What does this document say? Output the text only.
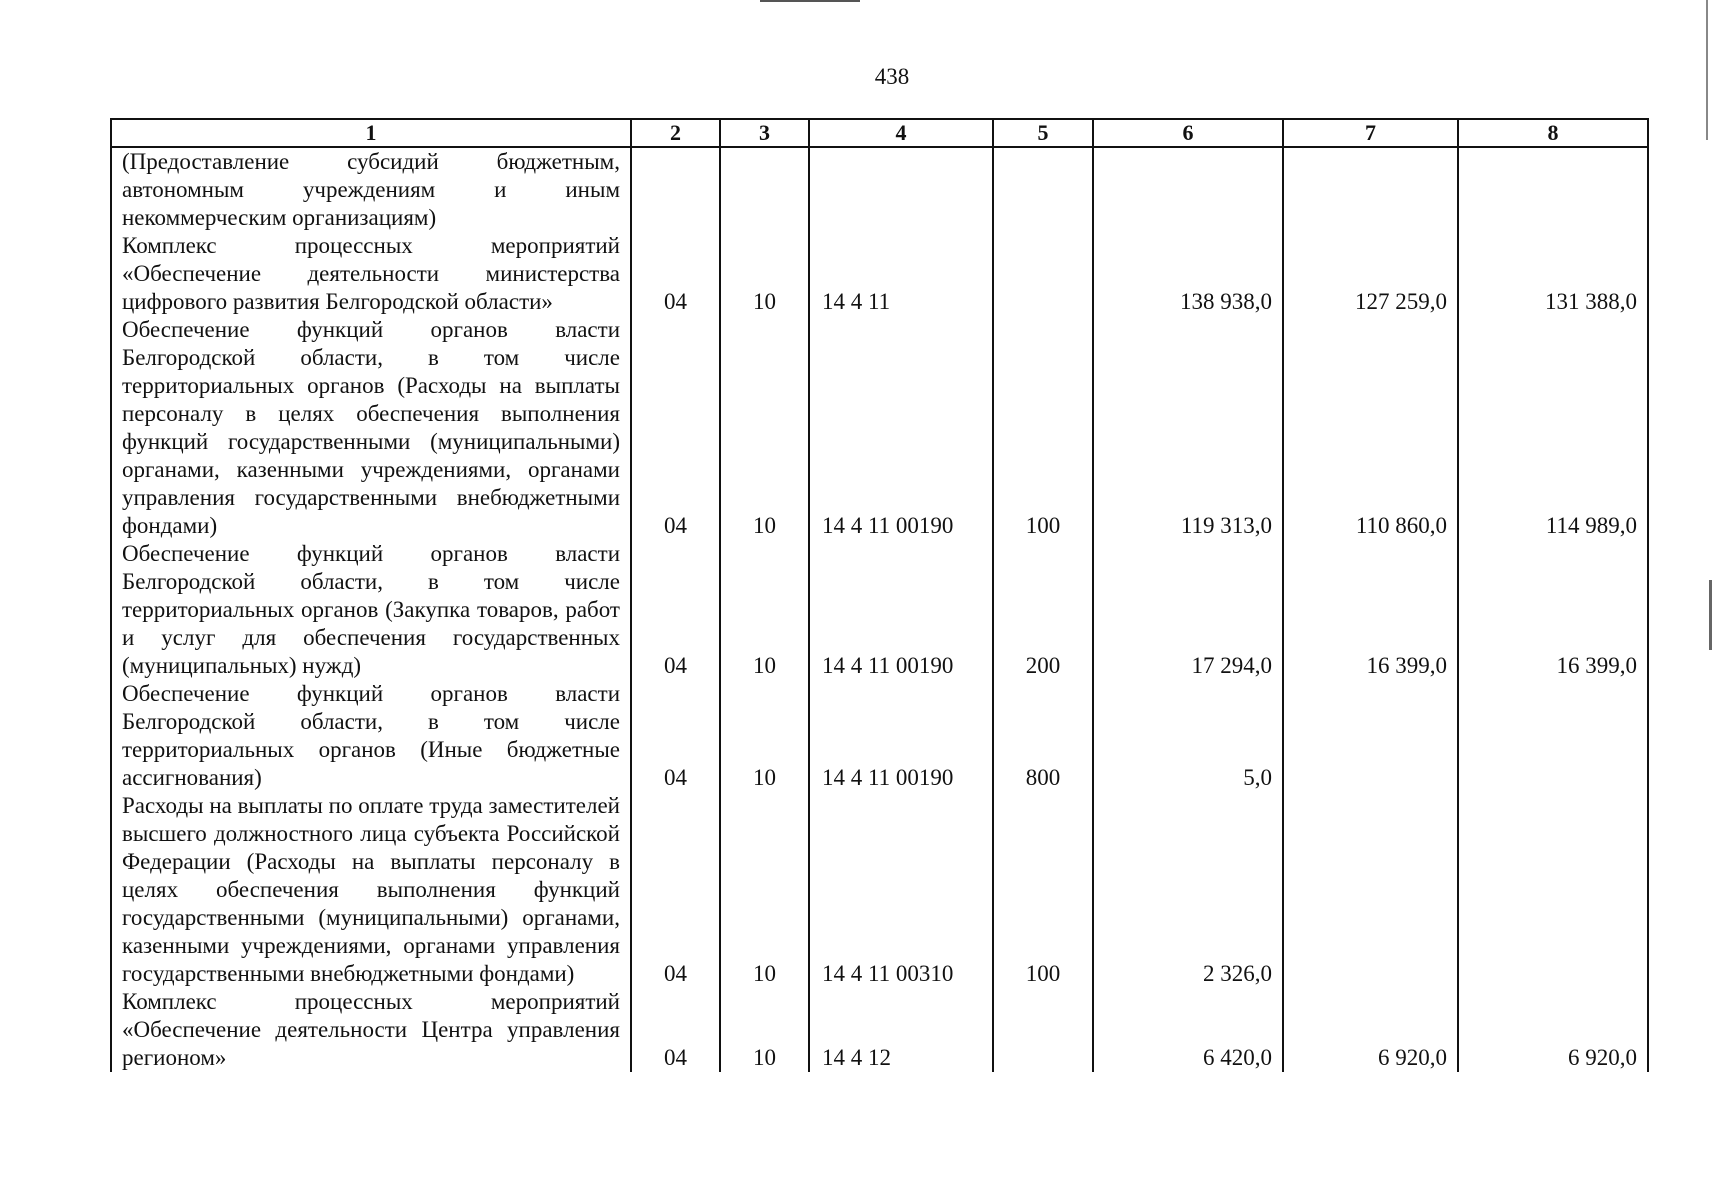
438
1	2	3	4	5	6	7	8
(Предоставление субсидий бюджетным, автономным учреждениям и иным некоммерческим организациям)							
Комплекс процессных мероприятий «Обеспечение деятельности министерства цифрового развития Белгородской области»	04	10	14 4 11		138 938,0	127 259,0	131 388,0
Обеспечение функций органов власти Белгородской области, в том числе территориальных органов (Расходы на выплаты персоналу в целях обеспечения выполнения функций государственными (муниципальными) органами, казенными учреждениями, органами управления государственными внебюджетными фондами)	04	10	14 4 11 00190	100	119 313,0	110 860,0	114 989,0
Обеспечение функций органов власти Белгородской области, в том числе территориальных органов (Закупка товаров, работ и услуг для обеспечения государственных (муниципальных) нужд)	04	10	14 4 11 00190	200	17 294,0	16 399,0	16 399,0
Обеспечение функций органов власти Белгородской области, в том числе территориальных органов (Иные бюджетные ассигнования)	04	10	14 4 11 00190	800	5,0		
Расходы на выплаты по оплате труда заместителей высшего должностного лица субъекта Российской Федерации (Расходы на выплаты персоналу в целях обеспечения выполнения функций государственными (муниципальными) органами, казенными учреждениями, органами управления государственными внебюджетными фондами)	04	10	14 4 11 00310	100	2 326,0		
Комплекс процессных мероприятий «Обеспечение деятельности Центра управления регионом»	04	10	14 4 12		6 420,0	6 920,0	6 920,0
